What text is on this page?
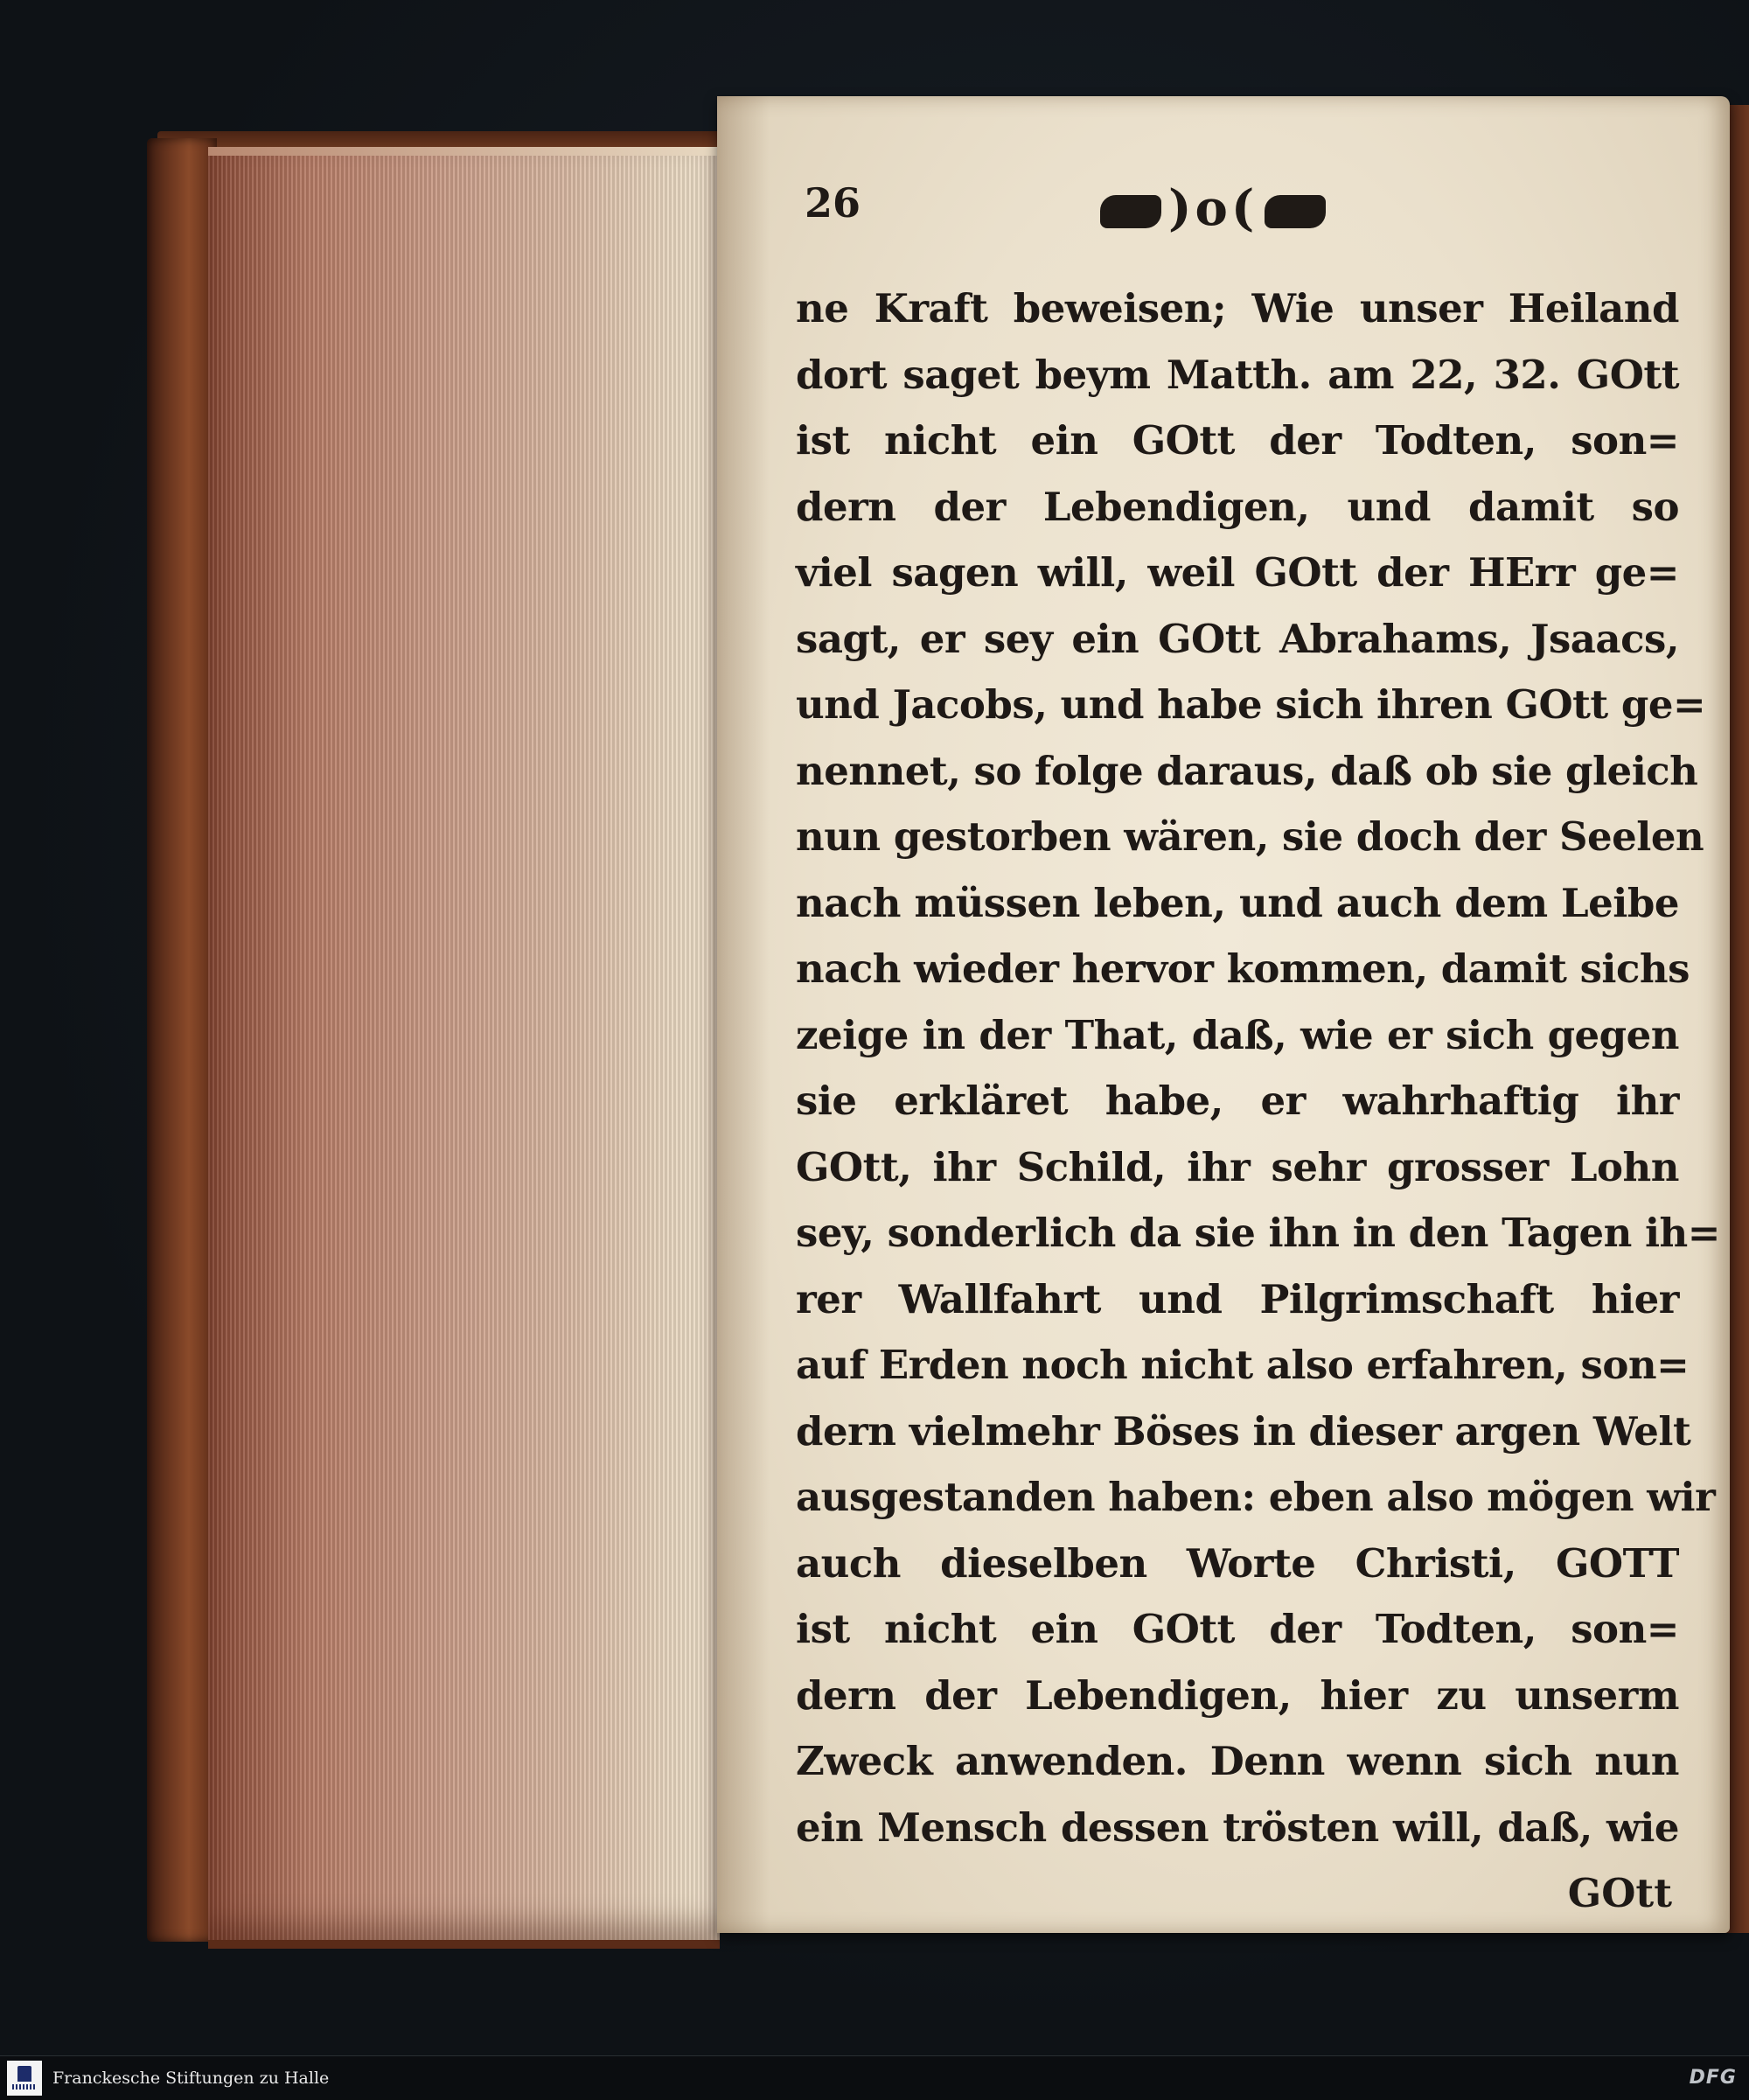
26	)o(
ne Kraft beweisen; Wie unser Heiland
dort saget beym Matth. am 22, 32. GOtt
ist nicht ein GOtt der Todten, son=
dern der Lebendigen, und damit so
viel sagen will, weil GOtt der HErr ge=
sagt, er sey ein GOtt Abrahams, Jsaacs,
und Jacobs, und habe sich ihren GOtt ge=
nennet, so folge daraus, daß ob sie gleich
nun gestorben wären, sie doch der Seelen
nach müssen leben, und auch dem Leibe
nach wieder hervor kommen, damit sichs
zeige in der That, daß, wie er sich gegen
sie erkläret habe, er wahrhaftig ihr
GOtt, ihr Schild, ihr sehr grosser Lohn
sey, sonderlich da sie ihn in den Tagen ih=
rer Wallfahrt und Pilgrimschaft hier
auf Erden noch nicht also erfahren, son=
dern vielmehr Böses in dieser argen Welt
ausgestanden haben: eben also mögen wir
auch dieselben Worte Christi, GOTT
ist nicht ein GOtt der Todten, son=
dern der Lebendigen, hier zu unserm
Zweck anwenden. Denn wenn sich nun
ein Mensch dessen trösten will, daß, wie
GOtt
Franckesche Stiftungen zu Halle	DFG
